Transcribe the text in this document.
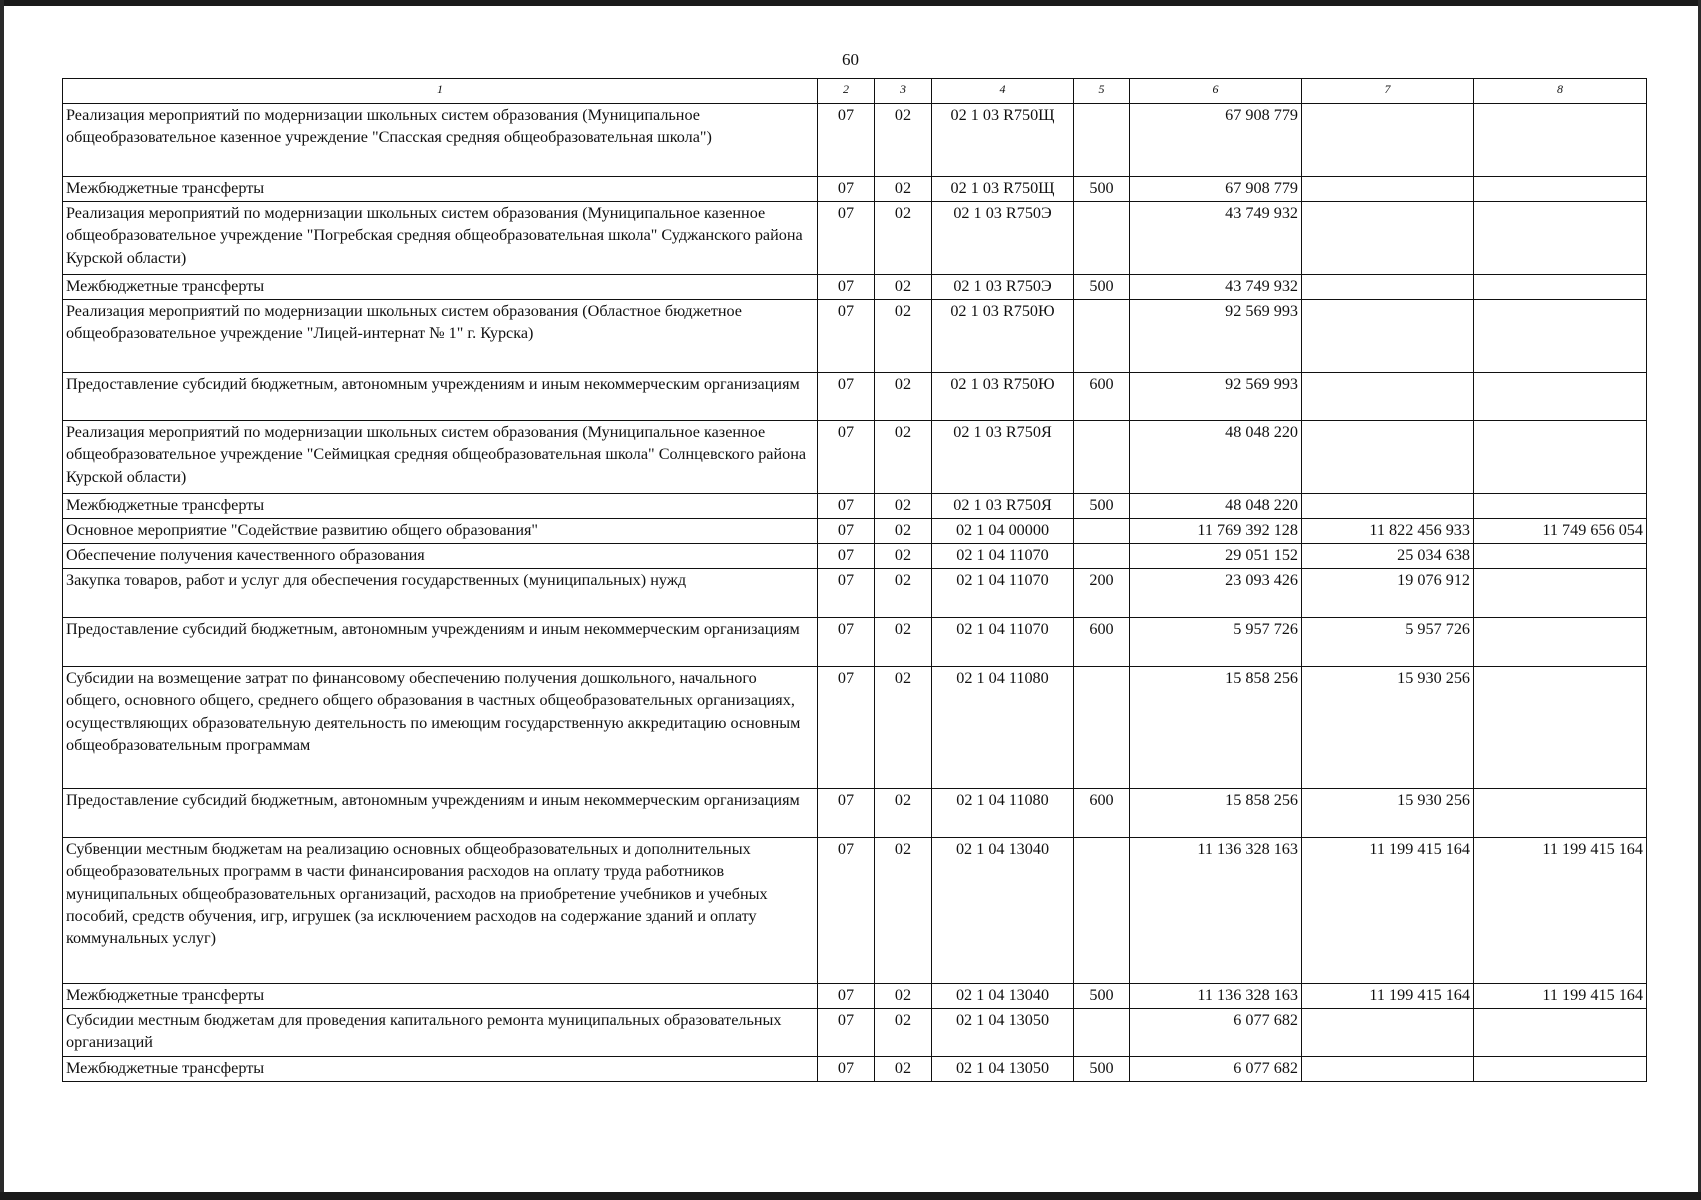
60
1	2	3	4	5	6	7	8
Реализация мероприятий по модернизации школьных систем образования (Муниципальное общеобразовательное казенное учреждение "Спасская средняя общеобразовательная школа")	07	02	02 1 03 R750Щ		67 908 779		
Межбюджетные трансферты	07	02	02 1 03 R750Щ	500	67 908 779		
Реализация мероприятий по модернизации школьных систем образования (Муниципальное казенное общеобразовательное учреждение "Погребская средняя общеобразовательная школа" Суджанского района Курской области)	07	02	02 1 03 R750Э		43 749 932		
Межбюджетные трансферты	07	02	02 1 03 R750Э	500	43 749 932		
Реализация мероприятий по модернизации школьных систем образования (Областное бюджетное общеобразовательное учреждение "Лицей-интернат № 1" г. Курска)	07	02	02 1 03 R750Ю		92 569 993		
Предоставление субсидий бюджетным, автономным учреждениям и иным некоммерческим организациям	07	02	02 1 03 R750Ю	600	92 569 993		
Реализация мероприятий по модернизации школьных систем образования (Муниципальное казенное общеобразовательное учреждение "Сеймицкая средняя общеобразовательная школа" Солнцевского района Курской области)	07	02	02 1 03 R750Я		48 048 220		
Межбюджетные трансферты	07	02	02 1 03 R750Я	500	48 048 220		
Основное мероприятие "Содействие развитию общего образования"	07	02	02 1 04 00000		11 769 392 128	11 822 456 933	11 749 656 054
Обеспечение получения качественного образования	07	02	02 1 04 11070		29 051 152	25 034 638	
Закупка товаров, работ и услуг для обеспечения государственных (муниципальных) нужд	07	02	02 1 04 11070	200	23 093 426	19 076 912	
Предоставление субсидий бюджетным, автономным учреждениям и иным некоммерческим организациям	07	02	02 1 04 11070	600	5 957 726	5 957 726	
Субсидии на возмещение затрат по финансовому обеспечению получения дошкольного, начального общего, основного общего, среднего общего образования в частных общеобразовательных организациях, осуществляющих образовательную деятельность по имеющим государственную аккредитацию основным общеобразовательным программам	07	02	02 1 04 11080		15 858 256	15 930 256	
Предоставление субсидий бюджетным, автономным учреждениям и иным некоммерческим организациям	07	02	02 1 04 11080	600	15 858 256	15 930 256	
Субвенции местным бюджетам на реализацию основных общеобразовательных и дополнительных общеобразовательных программ в части финансирования расходов на оплату труда работников муниципальных общеобразовательных организаций, расходов на приобретение учебников и учебных пособий, средств обучения, игр, игрушек (за исключением расходов на содержание зданий и оплату коммунальных услуг)	07	02	02 1 04 13040		11 136 328 163	11 199 415 164	11 199 415 164
Межбюджетные трансферты	07	02	02 1 04 13040	500	11 136 328 163	11 199 415 164	11 199 415 164
Субсидии местным бюджетам для проведения капитального ремонта муниципальных образовательных организаций	07	02	02 1 04 13050		6 077 682		
Межбюджетные трансферты	07	02	02 1 04 13050	500	6 077 682		
